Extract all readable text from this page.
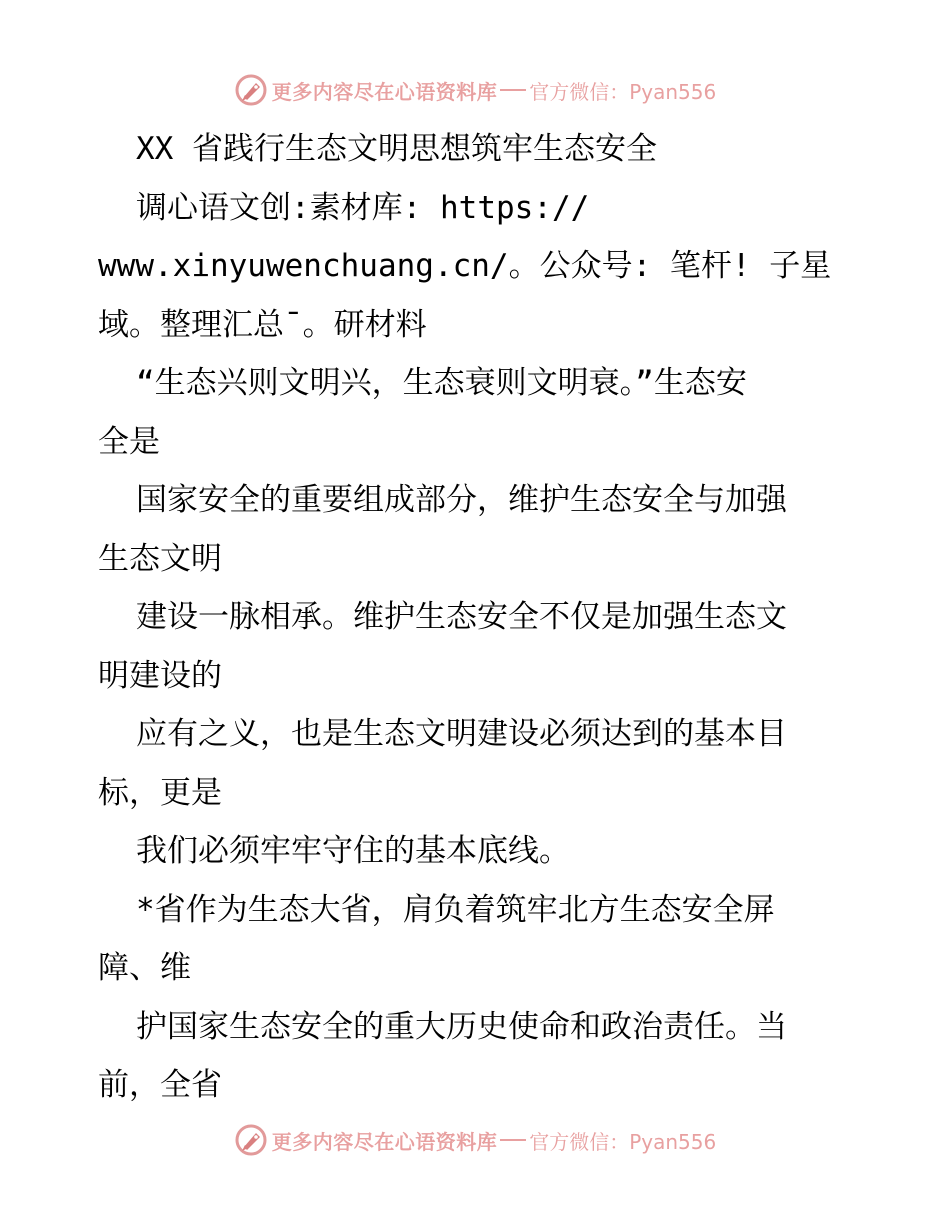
更多内容尽在心语资料库 官方微信：Pyan556
XX 省践行生态文明思想筑牢生态安全
调心语文创:素材库: https://
www.xinyuwenchuang.cn/。公众号: 笔杆! 子星
域。整理汇总¯。研材料
“生态兴则文明兴，生态衰则文明衰。”生态安
全是
国家安全的重要组成部分，维护生态安全与加强
生态文明
建设一脉相承。维护生态安全不仅是加强生态文
明建设的
应有之义，也是生态文明建设必须达到的基本目
标，更是
我们必须牢牢守住的基本底线。
*省作为生态大省，肩负着筑牢北方生态安全屏
障、维
护国家生态安全的重大历史使命和政治责任。当
前，全省
更多内容尽在心语资料库 官方微信：Pyan556
